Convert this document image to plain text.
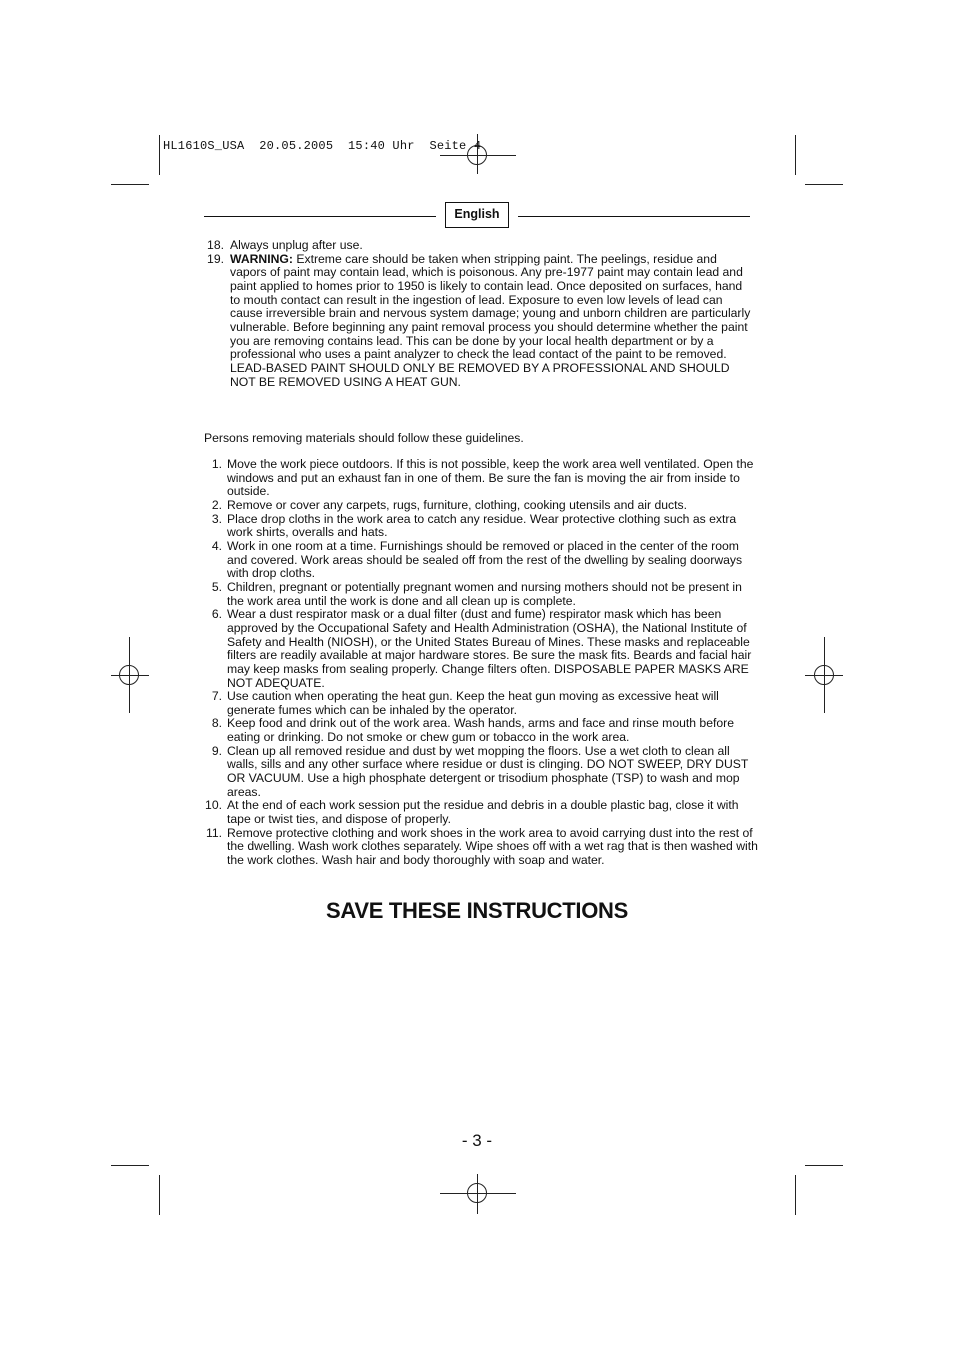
HL1610S_USA  20.05.2005  15:40 Uhr  Seite 4
English
18. Always unplug after use.
19. WARNING: Extreme care should be taken when stripping paint. The peelings, residue and vapors of paint may contain lead, which is poisonous. Any pre-1977 paint may contain lead and paint applied to homes prior to 1950 is likely to contain lead. Once deposited on surfaces, hand to mouth contact can result in the ingestion of lead. Exposure to even low levels of lead can cause irreversible brain and nervous system damage; young and unborn children are particularly vulnerable. Before beginning any paint removal process you should determine whether the paint you are removing contains lead. This can be done by your local health department or by a professional who uses a paint analyzer to check the lead contact of the paint to be removed. LEAD-BASED PAINT SHOULD ONLY BE REMOVED BY A PROFESSIONAL AND SHOULD NOT BE REMOVED USING A HEAT GUN.
Persons removing materials should follow these guidelines.
1. Move the work piece outdoors. If this is not possible, keep the work area well ventilated. Open the windows and put an exhaust fan in one of them. Be sure the fan is moving the air from inside to outside.
2. Remove or cover any carpets, rugs, furniture, clothing, cooking utensils and air ducts.
3. Place drop cloths in the work area to catch any residue. Wear protective clothing such as extra work shirts, overalls and hats.
4. Work in one room at a time. Furnishings should be removed or placed in the center of the room and covered. Work areas should be sealed off from the rest of the dwelling by sealing doorways with drop cloths.
5. Children, pregnant or potentially pregnant women and nursing mothers should not be present in the work area until the work is done and all clean up is complete.
6. Wear a dust respirator mask or a dual filter (dust and fume) respirator mask which has been approved by the Occupational Safety and Health Administration (OSHA), the National Institute of Safety and Health (NIOSH), or the United States Bureau of Mines. These masks and replaceable filters are readily available at major hardware stores. Be sure the mask fits. Beards and facial hair may keep masks from sealing properly. Change filters often. DISPOSABLE PAPER MASKS ARE NOT ADEQUATE.
7. Use caution when operating the heat gun. Keep the heat gun moving as excessive heat will generate fumes which can be inhaled by the operator.
8. Keep food and drink out of the work area. Wash hands, arms and face and rinse mouth before eating or drinking. Do not smoke or chew gum or tobacco in the work area.
9. Clean up all removed residue and dust by wet mopping the floors. Use a wet cloth to clean all walls, sills and any other surface where residue or dust is clinging. DO NOT SWEEP, DRY DUST OR VACUUM. Use a high phosphate detergent or trisodium phosphate (TSP) to wash and mop areas.
10. At the end of each work session put the residue and debris in a double plastic bag, close it with tape or twist ties, and dispose of properly.
11. Remove protective clothing and work shoes in the work area to avoid carrying dust into the rest of the dwelling. Wash work clothes separately. Wipe shoes off with a wet rag that is then washed with the work clothes. Wash hair and body thoroughly with soap and water.
SAVE THESE INSTRUCTIONS
- 3 -
